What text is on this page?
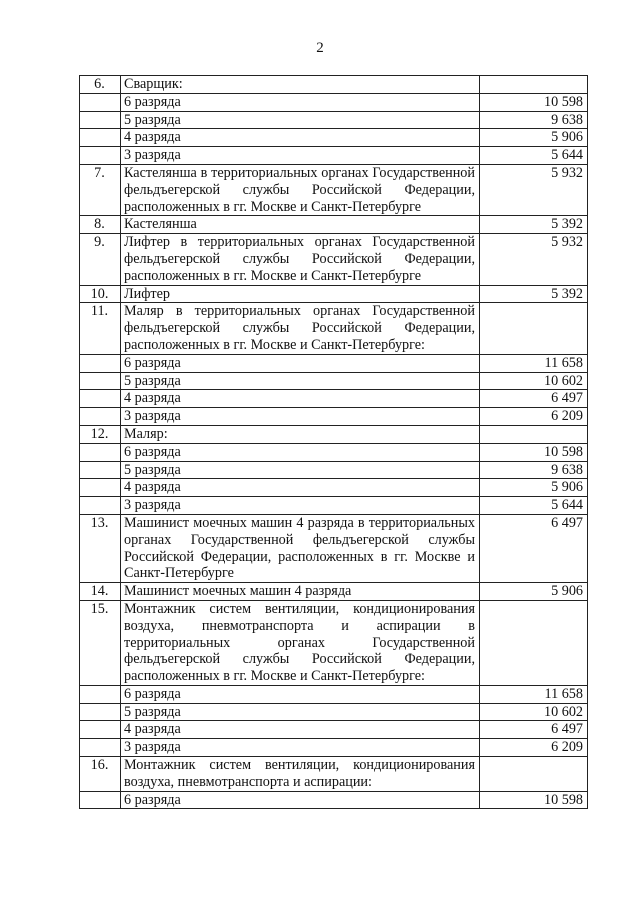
2
6.	Сварщик:	
	6 разряда	10 598
	5 разряда	9 638
	4 разряда	5 906
	3 разряда	5 644
7.	Кастелянша в территориальных органах Государственной фельдъегерской службы Российской Федерации, расположенных в гг. Москве и Санкт-Петербурге	5 932
8.	Кастелянша	5 392
9.	Лифтер в территориальных органах Государственной фельдъегерской службы Российской Федерации, расположенных в гг. Москве и Санкт-Петербурге	5 932
10.	Лифтер	5 392
11.	Маляр в территориальных органах Государственной фельдъегерской службы Российской Федерации, расположенных в гг. Москве и Санкт-Петербурге:	
	6 разряда	11 658
	5 разряда	10 602
	4 разряда	6 497
	3 разряда	6 209
12.	Маляр:	
	6 разряда	10 598
	5 разряда	9 638
	4 разряда	5 906
	3 разряда	5 644
13.	Машинист моечных машин 4 разряда в территориальных органах Государственной фельдъегерской службы Российской Федерации, расположенных в гг. Москве и Санкт-Петербурге	6 497
14.	Машинист моечных машин 4 разряда	5 906
15.	Монтажник систем вентиляции, кондиционирования воздуха, пневмотранспорта и аспирации в территориальных органах Государственной фельдъегерской службы Российской Федерации, расположенных в гг. Москве и Санкт-Петербурге:	
	6 разряда	11 658
	5 разряда	10 602
	4 разряда	6 497
	3 разряда	6 209
16.	Монтажник систем вентиляции, кондиционирования воздуха, пневмотранспорта и аспирации:	
	6 разряда	10 598
